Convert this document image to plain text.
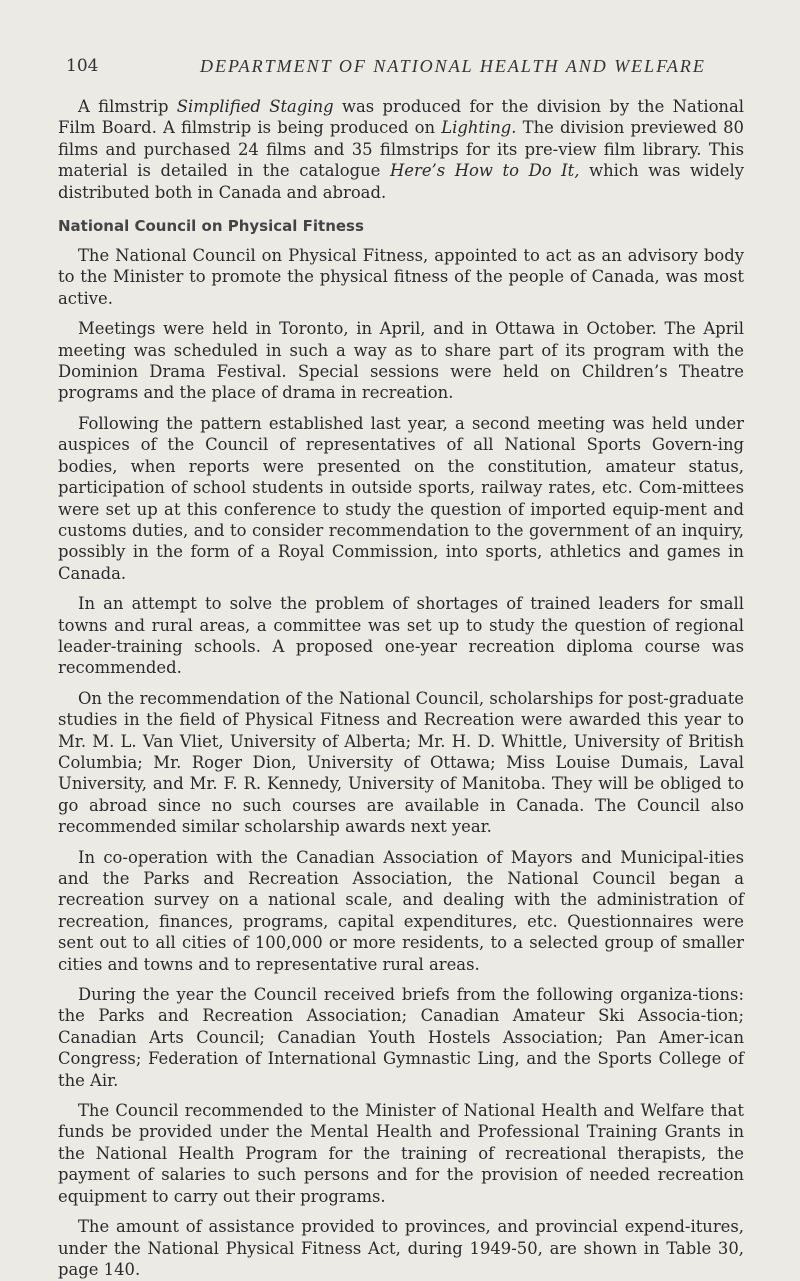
104	DEPARTMENT OF NATIONAL HEALTH AND WELFARE

A filmstrip Simplified Staging was produced for the division by the National Film Board. A filmstrip is being produced on Lighting. The division previewed 80 films and purchased 24 films and 35 filmstrips for its pre-view film library. This material is detailed in the catalogue Here’s How to Do It, which was widely distributed both in Canada and abroad.

National Council on Physical Fitness

The National Council on Physical Fitness, appointed to act as an advisory body to the Minister to promote the physical fitness of the people of Canada, was most active.

Meetings were held in Toronto, in April, and in Ottawa in October. The April meeting was scheduled in such a way as to share part of its program with the Dominion Drama Festival. Special sessions were held on Children’s Theatre programs and the place of drama in recreation.

Following the pattern established last year, a second meeting was held under auspices of the Council of representatives of all National Sports Govern-ing bodies, when reports were presented on the constitution, amateur status, participation of school students in outside sports, railway rates, etc. Com-mittees were set up at this conference to study the question of imported equip-ment and customs duties, and to consider recommendation to the government of an inquiry, possibly in the form of a Royal Commission, into sports, athletics and games in Canada.

In an attempt to solve the problem of shortages of trained leaders for small towns and rural areas, a committee was set up to study the question of regional leader-training schools. A proposed one-year recreation diploma course was recommended.

On the recommendation of the National Council, scholarships for post-graduate studies in the field of Physical Fitness and Recreation were awarded this year to Mr. M. L. Van Vliet, University of Alberta; Mr. H. D. Whittle, University of British Columbia; Mr. Roger Dion, University of Ottawa; Miss Louise Dumais, Laval University, and Mr. F. R. Kennedy, University of Manitoba. They will be obliged to go abroad since no such courses are available in Canada. The Council also recommended similar scholarship awards next year.

In co-operation with the Canadian Association of Mayors and Municipal-ities and the Parks and Recreation Association, the National Council began a recreation survey on a national scale, and dealing with the administration of recreation, finances, programs, capital expenditures, etc. Questionnaires were sent out to all cities of 100,000 or more residents, to a selected group of smaller cities and towns and to representative rural areas.

During the year the Council received briefs from the following organiza-tions: the Parks and Recreation Association; Canadian Amateur Ski Associa-tion; Canadian Arts Council; Canadian Youth Hostels Association; Pan Amer-ican Congress; Federation of International Gymnastic Ling, and the Sports College of the Air.

The Council recommended to the Minister of National Health and Welfare that funds be provided under the Mental Health and Professional Training Grants in the National Health Program for the training of recreational therapists, the payment of salaries to such persons and for the provision of needed recreation equipment to carry out their programs.

The amount of assistance provided to provinces, and provincial expend-itures, under the National Physical Fitness Act, during 1949-50, are shown in Table 30, page 140.
